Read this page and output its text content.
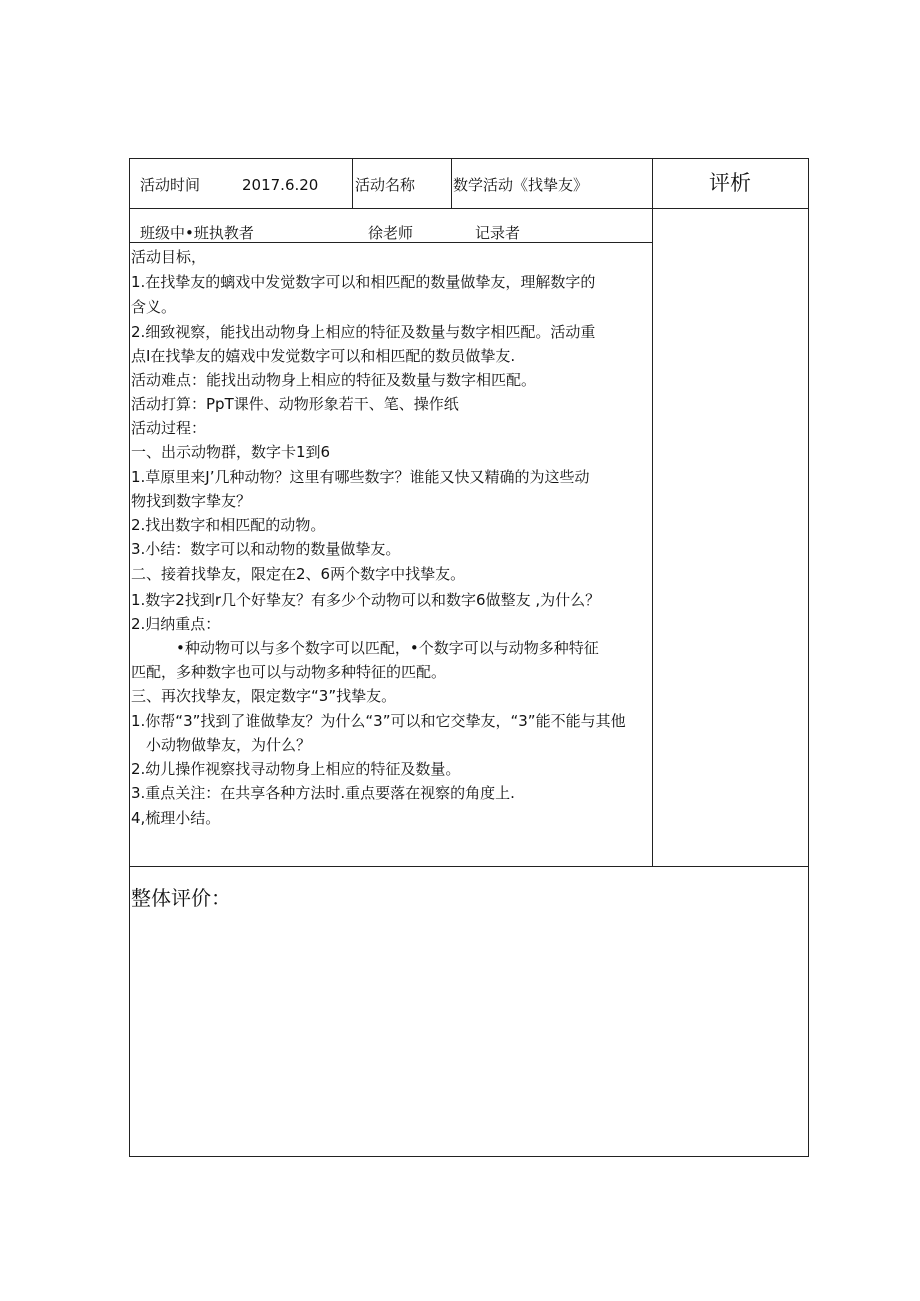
活动时间	2017.6.20 活动名称	数学活动《找挚友》	评析
班级中•班执教者	徐老师	记录者
活动目标，
1.在找挚友的螭戏中发觉数字可以和相匹配的数量做挚友，理解数字的
含义。
2.细致视察，能找出动物身上相应的特征及数量与数字相匹配。活动重
点I在找挚友的嬉戏中发觉数字可以和相匹配的数员做挚友.
活动难点：能找出动物身上相应的特征及数量与数字相匹配。
活动打算：PpT课件、动物形象若干、笔、操作纸
活动过程：
一、出示动物群，数字卡1到6
1.草原里来J’几种动物？这里有哪些数字？谁能又快又精确的为这些动
物找到数字挚友？
2.找出数字和相匹配的动物。
3.小结：数字可以和动物的数量做挚友。
二、接着找挚友，限定在2、6两个数字中找挚友。
1.数字2找到r几个好挚友？有多少个动物可以和数字6做整友 ,为什么？
2.归纳重点：
•种动物可以与多个数字可以匹配，•个数字可以与动物多种特征
匹配，多种数字也可以与动物多种特征的匹配。
三、再次找挚友，限定数字“3”找挚友。
1.你帮“3”找到了谁做挚友？为什么“3”可以和它交挚友，“3”能不能与其他
小动物做挚友，为什么？
2.幼儿操作视察找寻动物身上相应的特征及数量。
3.重点关注：在共享各种方法时.重点要落在视察的角度上.
4,梳理小结。
整体评价：
